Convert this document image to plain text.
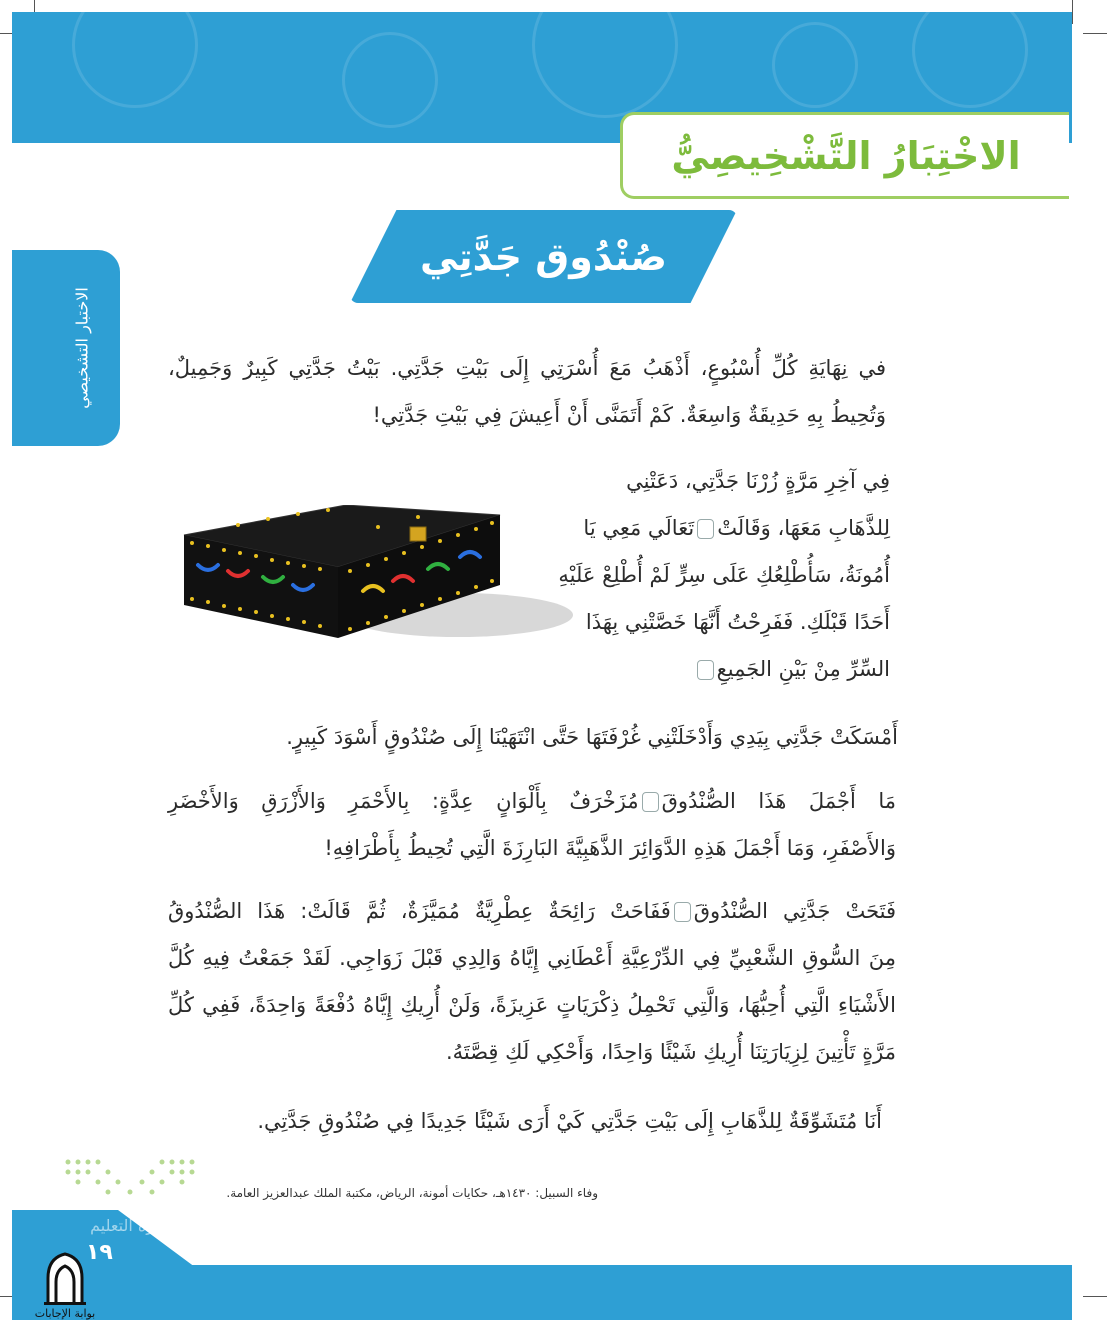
الاخْتِبَارُ التَّشْخِيصِيُّ
الاختبار التشخيصي
صُنْدُوق جَدَّتِي
في نِهَايَةِ كُلِّ أُسْبُوعٍ، أَذْهَبُ مَعَ أُسْرَتِي إِلَى بَيْتِ جَدَّتِي. بَيْتُ جَدَّتِي كَبِيرٌ وَجَمِيلٌ،
وَتُحِيطُ بِهِ حَدِيقَةٌ وَاسِعَةٌ. كَمْ أَتَمَنَّى أَنْ أَعِيشَ فِي بَيْتِ جَدَّتِي!
فِي آخِرِ مَرَّةٍ زُرْنَا جَدَّتِي، دَعَتْنِي
لِلذَّهَابِ مَعَهَا، وَقَالَتْتَعَالَي مَعِي يَا
أُمُونَةُ، سَأُطْلِعُكِ عَلَى سِرٍّ لَمْ أُطْلِعْ عَلَيْهِ
أَحَدًا قَبْلَكِ. فَفَرِحْتُ أَنَّهَا خَصَّتْنِي بِهَذَا
السِّرِّ مِنْ بَيْنِ الجَمِيعِ
أَمْسَكَتْ جَدَّتِي بِيَدِي وَأَدْخَلَتْنِي غُرْفَتَهَا حَتَّى انْتَهَيْنَا إِلَى صُنْدُوقٍ أَسْوَدَ كَبِيرٍ.
مَا أَجْمَلَ هَذَا الصُّنْدُوقَمُزَخْرَفٌ بِأَلْوَانٍ عِدَّةٍ: بِالأَحْمَرِ وَالأَزْرَقِ وَالأَخْضَرِ
وَالأَصْفَرِ، وَمَا أَجْمَلَ هَذِهِ الدَّوَائِرَ الذَّهَبِيَّةَ البَارِزَةَ الَّتِي تُحِيطُ بِأَطْرَافِهِ!
فَتَحَتْ جَدَّتِي الصُّنْدُوقَفَفَاحَتْ رَائِحَةٌ عِطْرِيَّةٌ مُمَيَّزَةٌ، ثُمَّ قَالَتْ: هَذَا الصُّنْدُوقُ
مِنَ السُّوقِ الشَّعْبِيِّ فِي الدِّرْعِيَّةِ أَعْطَانِي إِيَّاهُ وَالِدِي قَبْلَ زَوَاجِي. لَقَدْ جَمَعْتُ فِيهِ كُلَّ
الأَشْيَاءِ الَّتِي أُحِبُّهَا، وَالَّتِي تَحْمِلُ ذِكْرَيَاتٍ عَزِيزَةً، وَلَنْ أُرِيكِ إِيَّاهُ دُفْعَةً وَاحِدَةً، فَفِي كُلِّ
مَرَّةٍ تَأْتِينَ لِزِيَارَتِنَا أُرِيكِ شَيْئًا وَاحِدًا، وَأَحْكِي لَكِ قِصَّتَهُ.
أَنَا مُتَشَوِّقَةٌ لِلذَّهَابِ إِلَى بَيْتِ جَدَّتِي كَيْ أَرَى شَيْئًا جَدِيدًا فِي صُنْدُوقِ جَدَّتِي.
وزارة التعليم
وفاء السبيل: ١٤٣٠هـ، حكايات أمونة، الرياض، مكتبة الملك عبدالعزيز العامة.
١٩
بوابة الإجابات
